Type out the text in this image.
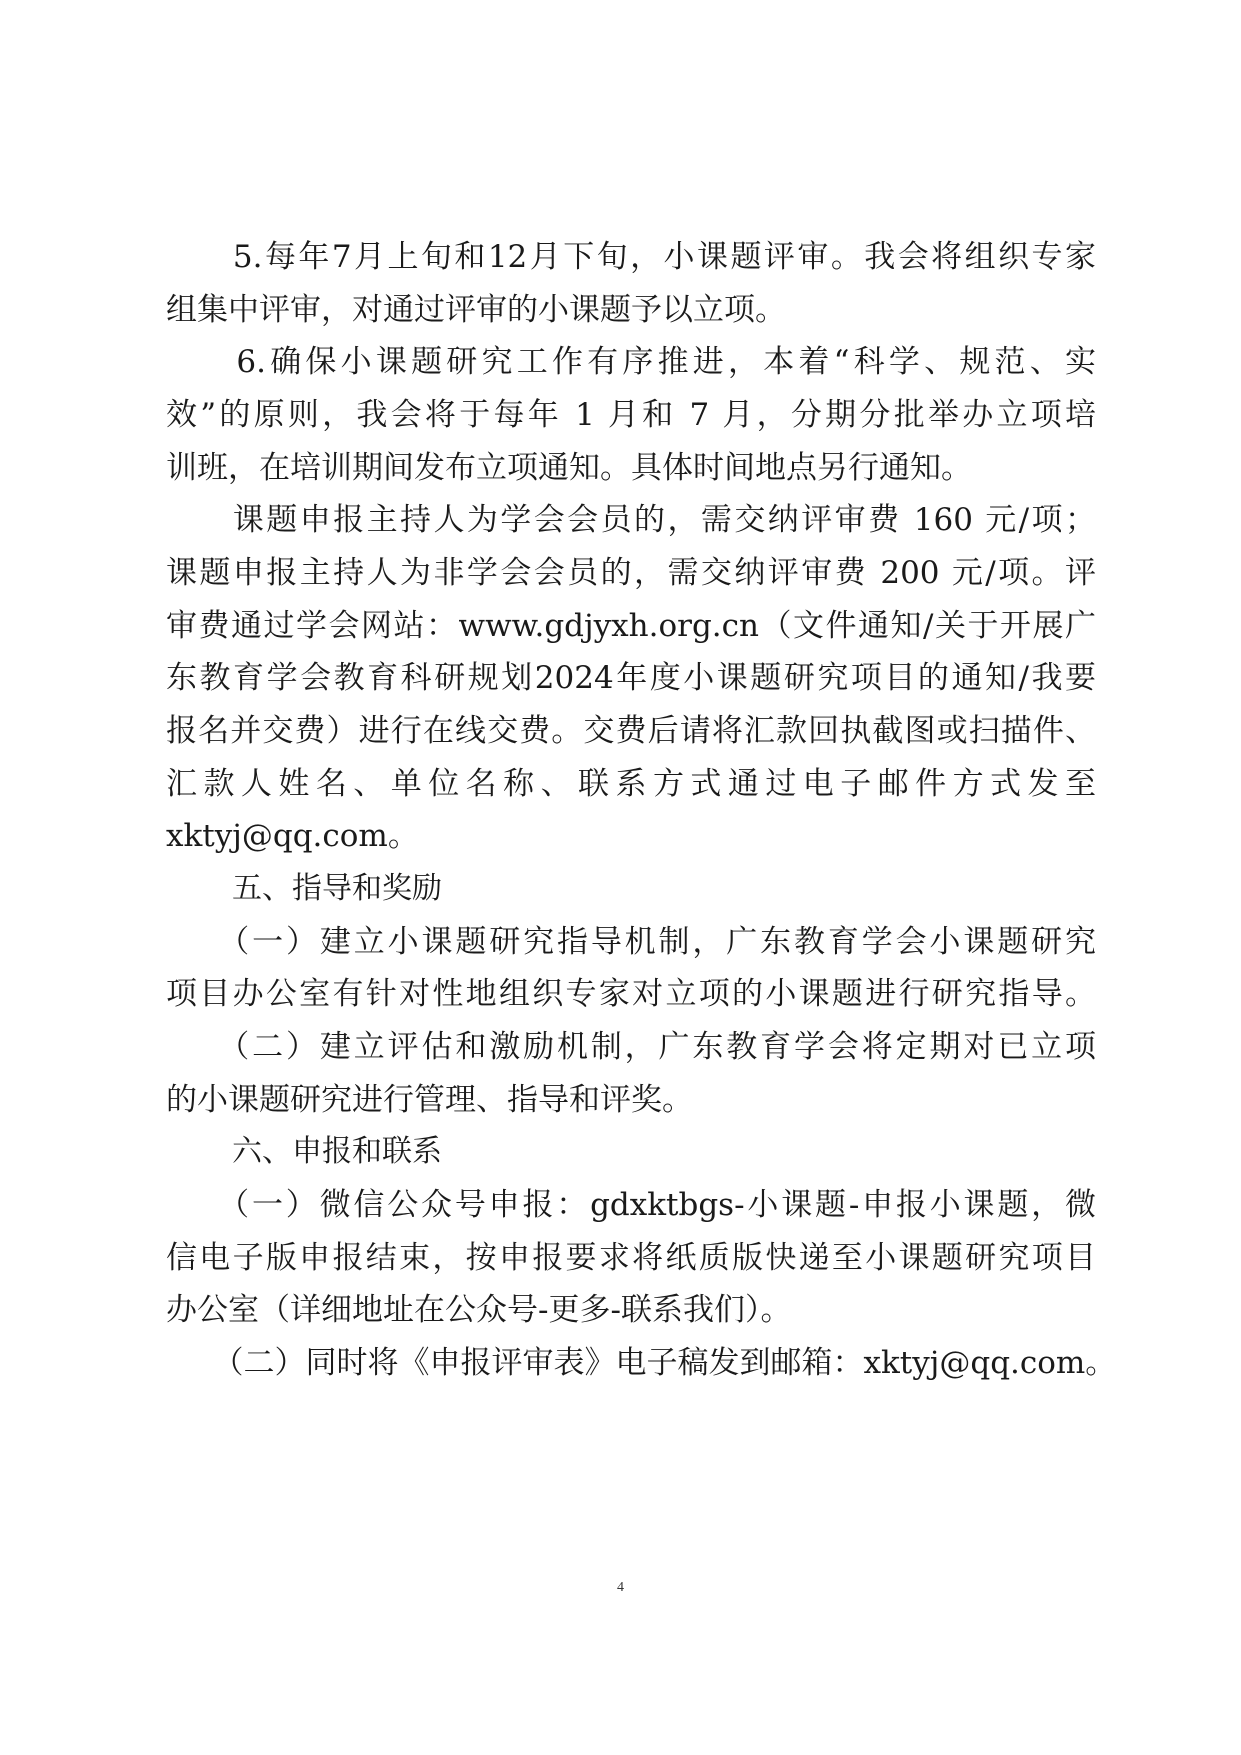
　　5.每年7月上旬和12月下旬，小课题评审。我会将组织专家

组集中评审，对通过评审的小课题予以立项。

　　6.确保小课题研究工作有序推进，本着“科学、规范、实

效”的原则，我会将于每年 1 月和 7 月，分期分批举办立项培

训班，在培训期间发布立项通知。具体时间地点另行通知。

　　课题申报主持人为学会会员的，需交纳评审费 160 元/项；

课题申报主持人为非学会会员的，需交纳评审费 200 元/项。评

审费通过学会网站：www.gdjyxh.org.cn（文件通知/关于开展广

东教育学会教育科研规划2024年度小课题研究项目的通知/我要

报名并交费）进行在线交费。交费后请将汇款回执截图或扫描件、

汇款人姓名、单位名称、联系方式通过电子邮件方式发至

xktyj@qq.com。

五、指导和奖励

　　（一）建立小课题研究指导机制，广东教育学会小课题研究

项目办公室有针对性地组织专家对立项的小课题进行研究指导。

　　（二）建立评估和激励机制，广东教育学会将定期对已立项

的小课题研究进行管理、指导和评奖。

六、申报和联系

　　（一）微信公众号申报：gdxktbgs-小课题-申报小课题，微

信电子版申报结束，按申报要求将纸质版快递至小课题研究项目

办公室（详细地址在公众号-更多-联系我们）。

　　（二）同时将《申报评审表》电子稿发到邮箱：xktyj@qq.com。

4
